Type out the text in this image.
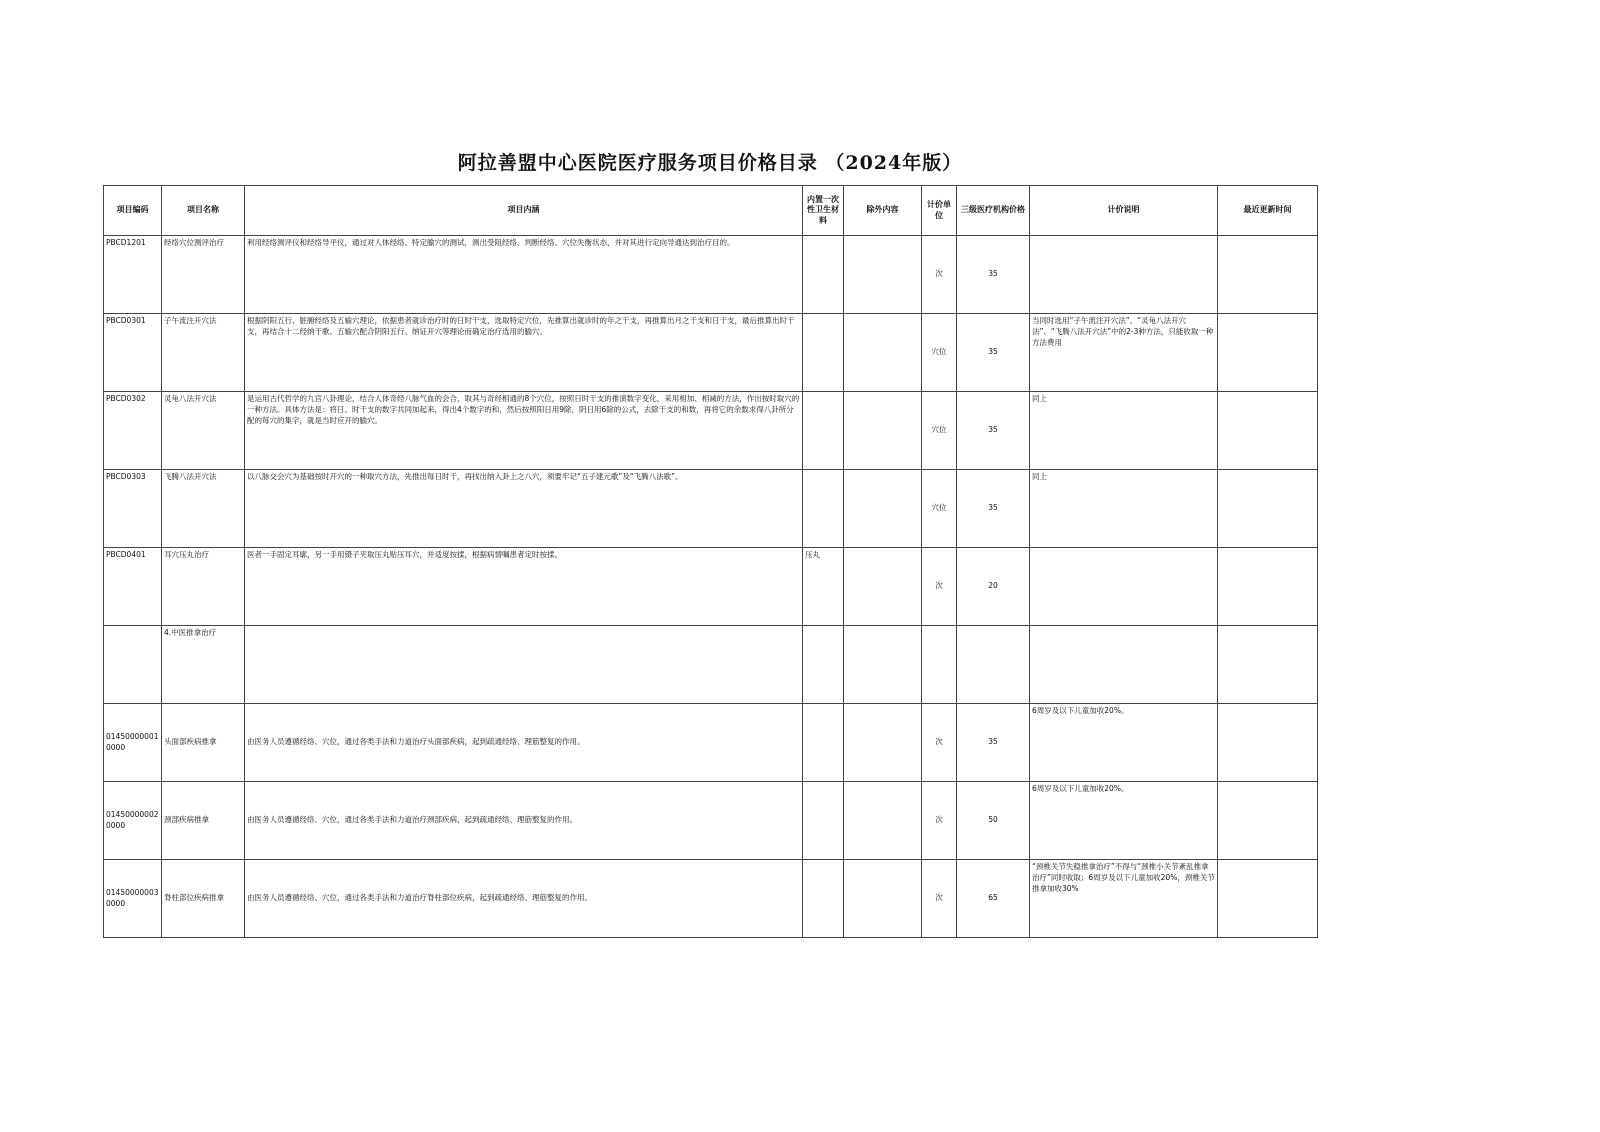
阿拉善盟中心医院医疗服务项目价格目录 （2024年版）
项目编码	项目名称	项目内涵	内置一次性卫生材料	除外内容	计价单位	三级医疗机构价格	计价说明	最近更新时间
PBCD1201	经络穴位测评治疗	利用经络测评仪和经络导平仪，通过对人体经络、特定腧穴的测试，测出受阻经络、判断经络、穴位失衡状态，并对其进行定向导通达到治疗目的。			次	35		
PBCD0301	子午流注开穴法	根据阴阳五行、脏腑经络及五输穴理论，依据患者就诊治疗时的日时干支，选取特定穴位，先推算出就诊时的年之干支，再推算出月之干支和日干支，最后推算出时干支，再结合十二经纳干歌、五输穴配合阴阳五行、纳证开穴等理论而确定治疗选用的腧穴。			穴位	35	当同时选用“子午流注开穴法”、“灵龟八法开穴法”、“飞腾八法开穴法”中的2-3种方法，只能收取一种方法费用	
PBCD0302	灵龟八法开穴法	是运用古代哲学的九宫八卦理论，结合人体奇经八脉气血的会合，取其与奇经相通的8个穴位，按照日时干支的推演数字变化，采用相加、相减的方法，作出按时取穴的一种方法。具体方法是：将日、时干支的数字共同加起来，得出4个数字的和，然后按照阳日用9除，阴日用6除的公式，去除干支的和数，再将它的余数求得八卦所分配的每穴的集字，就是当时应开的腧穴。			穴位	35	同上	
PBCD0303	飞腾八法开穴法	以八脉交会穴为基础按时开穴的一种取穴方法，先推出每日时干，再找出纳入卦上之八穴，须要牢记“五子建元歌”及“飞腾八法歌”。			穴位	35	同上	
PBCD0401	耳穴压丸治疗	医者一手固定耳廓，另一手用镊子夹取压丸贴压耳穴，并适度按揉，根据病情嘱患者定时按揉。	压丸		次	20		
	4.中医推拿治疗							
014500000010000	头面部疾病推拿	由医务人员遵循经络、穴位，通过各类手法和力道治疗头面部疾病，起到疏通经络、理筋整复的作用。			次	35	6周岁及以下儿童加收20%。	
014500000020000	颈部疾病推拿	由医务人员遵循经络、穴位，通过各类手法和力道治疗颈部疾病，起到疏通经络、理筋整复的作用。			次	50	6周岁及以下儿童加收20%。	
014500000030000	脊柱部位疾病推拿	由医务人员遵循经络、穴位，通过各类手法和力道治疗脊柱部位疾病，起到疏通经络、理筋整复的作用。			次	65	“颈椎关节失稳推拿治疗”不得与“颈椎小关节紊乱推拿治疗”同时收取；6周岁及以下儿童加收20%，颈椎关节推拿加收30%	
